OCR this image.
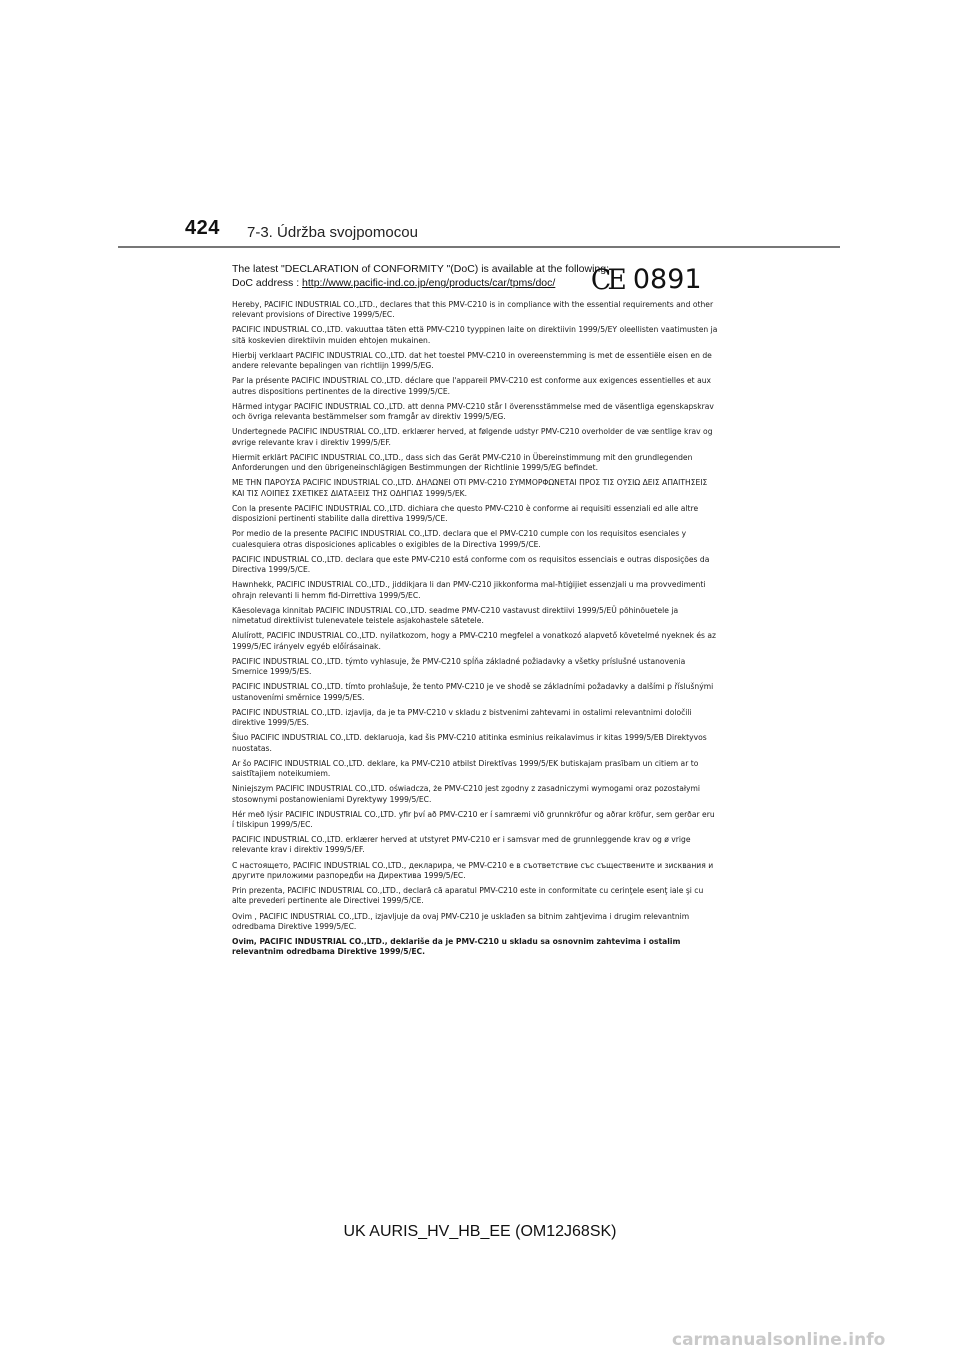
424 7-3. Údržba svojpomocou
The latest "DECLARATION of CONFORMITY "(DoC) is available at the following:
DoC address : http://www.pacific-ind.co.jp/eng/products/car/tpms/doc/	CE 0891

Hereby, PACIFIC INDUSTRIAL CO.,LTD., declares that this PMV-C210 is in compliance with the essential requirements and other relevant provisions of Directive 1999/5/EC.

PACIFIC INDUSTRIAL CO.,LTD. vakuuttaa täten että PMV-C210 tyyppinen laite on direktiivin 1999/5/EY oleellisten vaatimusten ja sitä koskevien direktiivin muiden ehtojen mukainen.

Hierbij verklaart PACIFIC INDUSTRIAL CO.,LTD. dat het toestel PMV-C210 in overeenstemming is met de essentiële eisen en de andere relevante bepalingen van richtlijn 1999/5/EG.

Par la présente PACIFIC INDUSTRIAL CO.,LTD. déclare que l'appareil PMV-C210 est conforme aux exigences essentielles et aux autres dispositions pertinentes de la directive 1999/5/CE.

Härmed intygar PACIFIC INDUSTRIAL CO.,LTD. att denna PMV-C210 står I överensstämmelse med de väsentliga egenskapskrav och övriga relevanta bestämmelser som framgår av direktiv 1999/5/EG.

Undertegnede PACIFIC INDUSTRIAL CO.,LTD. erklærer herved, at følgende udstyr PMV-C210 overholder de væ sentlige krav og øvrige relevante krav i direktiv 1999/5/EF.

Hiermit erklärt PACIFIC INDUSTRIAL CO.,LTD., dass sich das Gerät PMV-C210 in Übereinstimmung mit den grundlegenden Anforderungen und den übrigeneinschlägigen Bestimmungen der Richtlinie 1999/5/EG befindet.

ΜΕ ΤΗΝ ΠΑΡΟΥΣΑ PACIFIC INDUSTRIAL CO.,LTD. ΔΗΛΩΝΕΙ ΟΤΙ PMV-C210 ΣΥΜΜΟΡΦΩΝΕΤΑΙ ΠΡΟΣ ΤΙΣ ΟΥΣΙΩ ΔΕΙΣ ΑΠΑΙΤΗΣΕΙΣ ΚΑΙ ΤΙΣ ΛΟΙΠΕΣ ΣΧΕΤΙΚΕΣ ΔΙΑΤΑΞΕΙΣ ΤΗΣ ΟΔΗΓΙΑΣ 1999/5/ΕΚ.

Con la presente PACIFIC INDUSTRIAL CO.,LTD. dichiara che questo PMV-C210 è conforme ai requisiti essenziali ed alle altre disposizioni pertinenti stabilite dalla direttiva 1999/5/CE.

Por medio de la presente PACIFIC INDUSTRIAL CO.,LTD. declara que el PMV-C210 cumple con los requisitos esenciales y cualesquiera otras disposiciones aplicables o exigibles de la Directiva 1999/5/CE.

PACIFIC INDUSTRIAL CO.,LTD. declara que este PMV-C210 está conforme com os requisitos essenciais e outras disposições da Directiva 1999/5/CE.

Hawnhekk, PACIFIC INDUSTRIAL CO.,LTD., jiddikjara li dan PMV-C210 jikkonforma mal-ħtiġijiet essenzjali u ma provvedimenti oħrajn relevanti li hemm fid-Dirrettiva 1999/5/EC.

Käesolevaga kinnitab PACIFIC INDUSTRIAL CO.,LTD. seadme PMV-C210 vastavust direktiivi 1999/5/EÜ põhinõuetele ja nimetatud direktiivist tulenevatele teistele asjakohastele sätetele.

Alulírott, PACIFIC INDUSTRIAL CO.,LTD. nyilatkozom, hogy a PMV-C210 megfelel a vonatkozó alapvető követelmé nyeknek és az 1999/5/EC irányelv egyéb előírásainak.

PACIFIC INDUSTRIAL CO.,LTD. týmto vyhlasuje, že PMV-C210 spĺňa základné požiadavky a všetky príslušné ustanovenia Smernice 1999/5/ES.

PACIFIC INDUSTRIAL CO.,LTD. tímto prohlašuje, že tento PMV-C210 je ve shodě se základními požadavky a dalšími p říslušnými ustanoveními směrnice 1999/5/ES.

PACIFIC INDUSTRIAL CO.,LTD. izjavlja, da je ta PMV-C210 v skladu z bistvenimi zahtevami in ostalimi relevantnimi določili direktive 1999/5/ES.

Šiuo PACIFIC INDUSTRIAL CO.,LTD. deklaruoja, kad šis PMV-C210 atitinka esminius reikalavimus ir kitas 1999/5/EB Direktyvos nuostatas.

Ar šo PACIFIC INDUSTRIAL CO.,LTD. deklare, ka PMV-C210 atbilst Direktīvas 1999/5/EK butiskajam prasībam un citiem ar to saistītajiem noteikumiem.

Niniejszym PACIFIC INDUSTRIAL CO.,LTD. oświadcza, że PMV-C210 jest zgodny z zasadniczymi wymogami oraz pozostałymi stosownymi postanowieniami Dyrektywy 1999/5/EC.

Hér með lýsir PACIFIC INDUSTRIAL CO.,LTD. yfir því að PMV-C210 er í samræmi við grunnkröfur og aðrar kröfur, sem gerðar eru í tilskipun 1999/5/EC.

PACIFIC INDUSTRIAL CO.,LTD. erklærer herved at utstyret PMV-C210 er i samsvar med de grunnleggende krav og ø vrige relevante krav i direktiv 1999/5/EF.

С настоящето, PACIFIC INDUSTRIAL CO.,LTD., декларира, че PMV-C210 е в съответствие със съществените и зисквания и другите приложими разпоредби на Директива 1999/5/EC.

Prin prezenta, PACIFIC INDUSTRIAL CO.,LTD., declară că aparatul PMV-C210 este in conformitate cu cerinţele esenţ iale şi cu alte prevederi pertinente ale Directivei 1999/5/CE.

Ovim , PACIFIC INDUSTRIAL CO.,LTD., izjavljuje da ovaj PMV-C210 je usklađen sa bitnim zahtjevima i drugim relevantnim odredbama Direktive 1999/5/EC.

Ovim, PACIFIC INDUSTRIAL CO.,LTD., deklariše da je PMV-C210 u skladu sa osnovnim zahtevima i ostalim relevantnim odredbama Direktive 1999/5/EC.

UK AURIS_HV_HB_EE (OM12J68SK)
carmanualsonline.info
